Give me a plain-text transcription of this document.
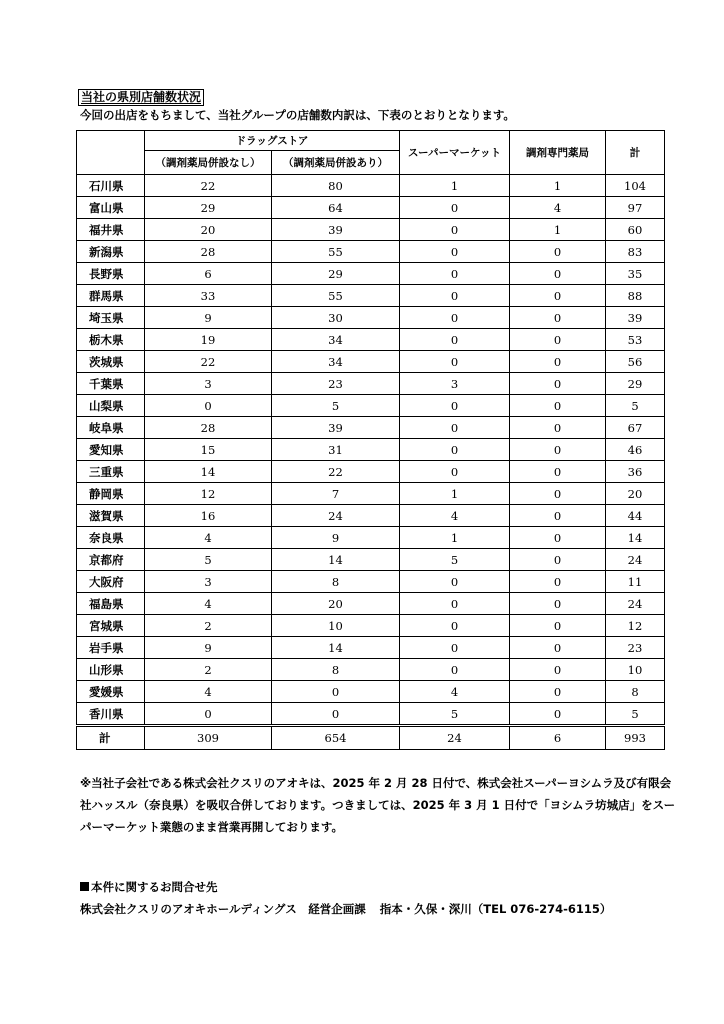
当社の県別店舗数状況
今回の出店をもちまして、当社グループの店舗数内訳は、下表のとおりとなります。
	ドラッグストア		スーパーマーケット	調剤専門薬局	計
	（調剤薬局併設なし）	（調剤薬局併設あり）			
石川県	22	80	1	1	104
富山県	29	64	0	4	97
福井県	20	39	0	1	60
新潟県	28	55	0	0	83
長野県	6	29	0	0	35
群馬県	33	55	0	0	88
埼玉県	9	30	0	0	39
栃木県	19	34	0	0	53
茨城県	22	34	0	0	56
千葉県	3	23	3	0	29
山梨県	0	5	0	0	5
岐阜県	28	39	0	0	67
愛知県	15	31	0	0	46
三重県	14	22	0	0	36
静岡県	12	7	1	0	20
滋賀県	16	24	4	0	44
奈良県	4	9	1	0	14
京都府	5	14	5	0	24
大阪府	3	8	0	0	11
福島県	4	20	0	0	24
宮城県	2	10	0	0	12
岩手県	9	14	0	0	23
山形県	2	8	0	0	10
愛媛県	4	0	4	0	8
香川県	0	0	5	0	5
計	309	654	24	6	993
※当社子会社である株式会社クスリのアオキは、2025 年 2 月 28 日付で、株式会社スーパーヨシムラ及び有限会社ハッスル（奈良県）を吸収合併しております。つきましては、2025 年 3 月 1 日付で「ヨシムラ坊城店」をスーパーマーケット業態のまま営業再開しております。
本件に関するお問合せ先
株式会社クスリのアオキホールディングス　経営企画課 指本・久保・深川（TEL 076-274-6115）
